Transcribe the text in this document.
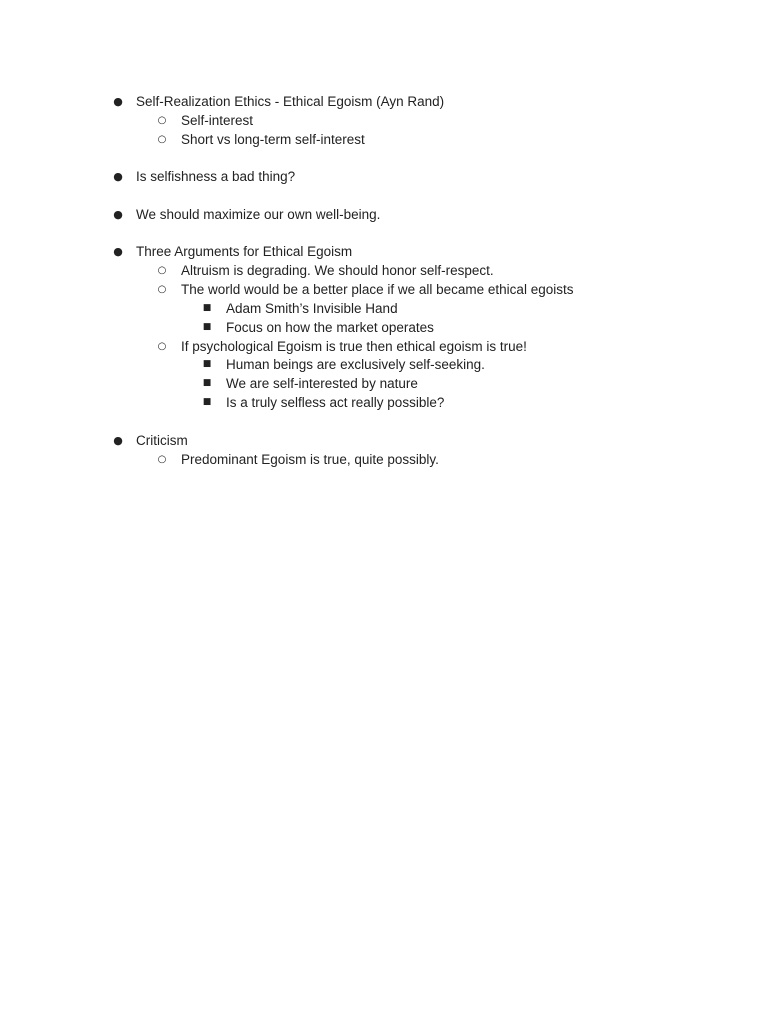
● Self-Realization Ethics - Ethical Egoism (Ayn Rand)
○ Self-interest
○ Short vs long-term self-interest
● Is selfishness a bad thing?
● We should maximize our own well-being.
● Three Arguments for Ethical Egoism
○ Altruism is degrading. We should honor self-respect.
○ The world would be a better place if we all became ethical egoists
■ Adam Smith’s Invisible Hand
■ Focus on how the market operates
○ If psychological Egoism is true then ethical egoism is true!
■ Human beings are exclusively self-seeking.
■ We are self-interested by nature
■ Is a truly selfless act really possible?
● Criticism
○ Predominant Egoism is true, quite possibly.
